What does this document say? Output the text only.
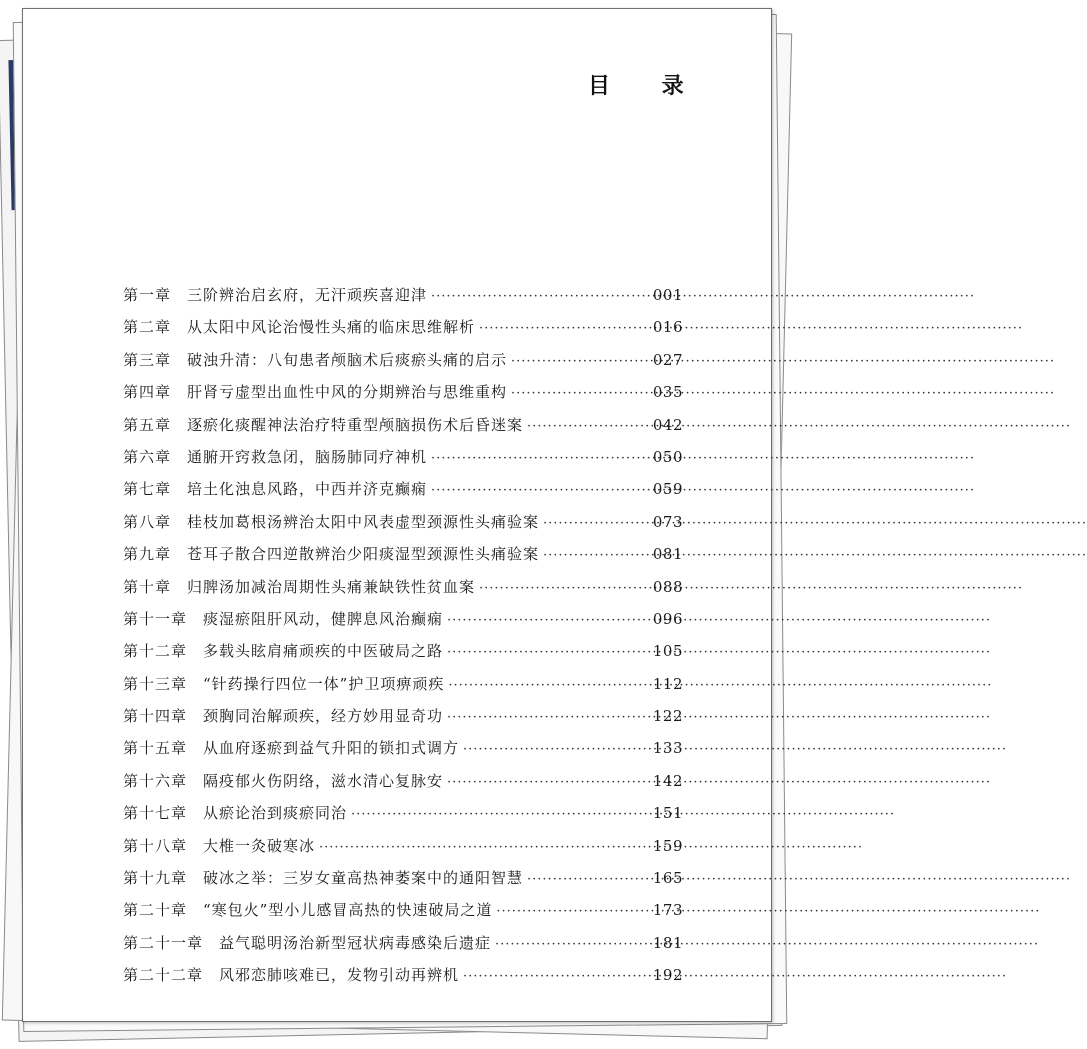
目 录
第一章 三阶辨治启玄府，无汗顽疾喜迎津 ·····	001
第二章 从太阳中风论治慢性头痛的临床思维解析 ·····	016
第三章 破浊升清：八旬患者颅脑术后痰瘀头痛的启示 ·····	027
第四章 肝肾亏虚型出血性中风的分期辨治与思维重构 ·····	035
第五章 逐瘀化痰醒神法治疗特重型颅脑损伤术后昏迷案 ·····	042
第六章 通腑开窍救急闭，脑肠肺同疗神机 ·····	050
第七章 培土化浊息风路，中西并济克癫痫 ·····	059
第八章 桂枝加葛根汤辨治太阳中风表虚型颈源性头痛验案 ·····	073
第九章 苍耳子散合四逆散辨治少阳痰湿型颈源性头痛验案 ·····	081
第十章 归脾汤加减治周期性头痛兼缺铁性贫血案 ·····	088
第十一章 痰湿瘀阻肝风动，健脾息风治癫痫 ·····	096
第十二章 多载头眩肩痛顽疾的中医破局之路 ·····	105
第十三章 “针药操行四位一体”护卫项痹顽疾 ·····	112
第十四章 颈胸同治解顽疾，经方妙用显奇功 ·····	122
第十五章 从血府逐瘀到益气升阳的锁扣式调方 ·····	133
第十六章 隔疫郁火伤阴络，滋水清心复脉安 ·····	142
第十七章 从瘀论治到痰瘀同治 ·····	151
第十八章 大椎一灸破寒冰 ·····	159
第十九章 破冰之举：三岁女童高热神萎案中的通阳智慧 ·····	165
第二十章 “寒包火”型小儿感冒高热的快速破局之道 ·····	173
第二十一章 益气聪明汤治新型冠状病毒感染后遗症 ·····	181
第二十二章 风邪恋肺咳难已，发物引动再辨机 ·····	192
